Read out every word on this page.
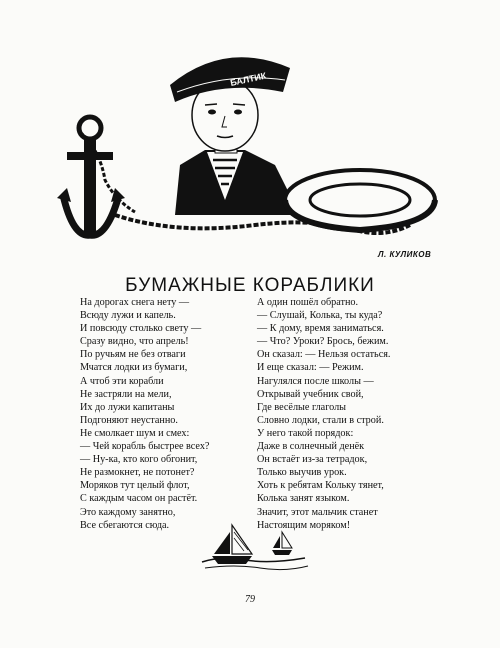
БАЛТИК
Л. КУЛИКОВ
БУМАЖНЫЕ КОРАБЛИКИ
На дорогах снега нету —
Всюду лужи и капель.
И повсюду столько свету —
Сразу видно, что апрель!
По ручьям не без отваги
Мчатся лодки из бумаги,
А чтоб эти корабли
Не застряли на мели,
Их до лужи капитаны
Подгоняют неустанно.
Не смолкает шум и смех:
— Чей корабль быстрее всех?
— Ну-ка, кто кого обгонит,
Не размокнет, не потонет?
Моряков тут целый флот,
С каждым часом он растёт.
Это каждому занятно,
Все сбегаются сюда.
А один пошёл обратно.
— Слушай, Колька, ты куда?
— К дому, время заниматься.
— Что? Уроки? Брось, бежим.
Он сказал: — Нельзя остаться.
И еще сказал: — Режим.
Нагулялся после школы —
Открывай учебник свой,
Где весёлые глаголы
Словно лодки, стали в строй.
У него такой порядок:
Даже в солнечный денёк
Он встаёт из-за тетрадок,
Только выучив урок.
Хоть к ребятам Кольку тянет,
Колька занят языком.
Значит, этот мальчик станет
Настоящим моряком!
79
